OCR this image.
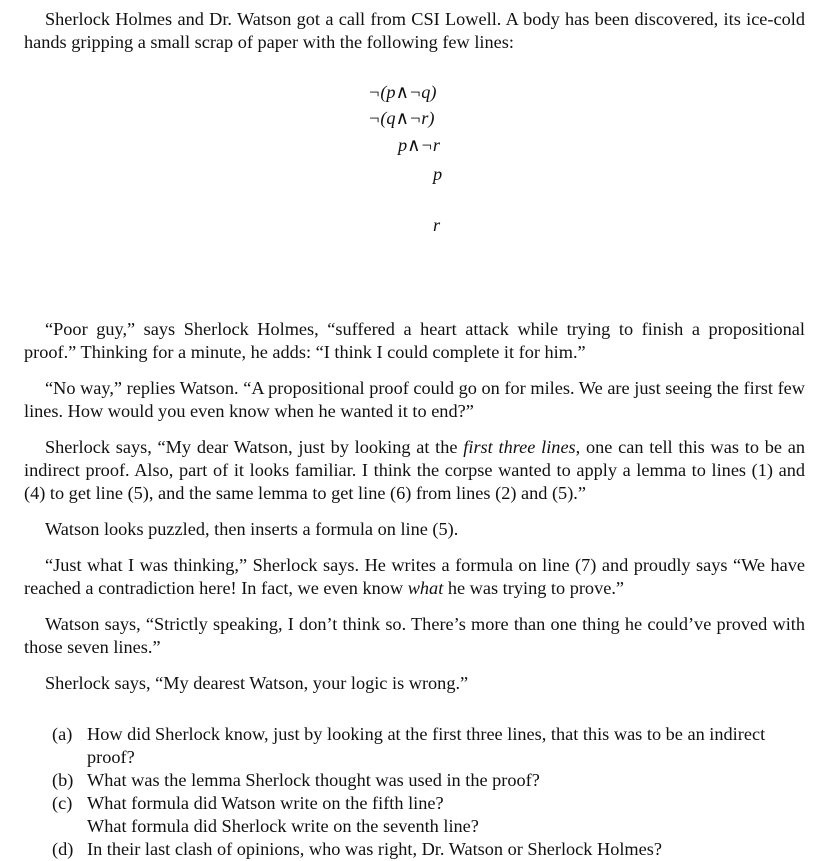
Sherlock Holmes and Dr. Watson got a call from CSI Lowell. A body has been discovered, its ice-cold hands gripping a small scrap of paper with the following few lines:

¬(p∧¬q)
¬(q∧¬r)
p∧¬r
p
r

“Poor guy,” says Sherlock Holmes, “suffered a heart attack while trying to finish a propositional proof.” Thinking for a minute, he adds: “I think I could complete it for him.”

“No way,” replies Watson. “A propositional proof could go on for miles. We are just seeing the first few lines. How would you even know when he wanted it to end?”

Sherlock says, “My dear Watson, just by looking at the first three lines, one can tell this was to be an indirect proof. Also, part of it looks familiar. I think the corpse wanted to apply a lemma to lines (1) and (4) to get line (5), and the same lemma to get line (6) from lines (2) and (5).”

Watson looks puzzled, then inserts a formula on line (5).

“Just what I was thinking,” Sherlock says. He writes a formula on line (7) and proudly says “We have reached a contradiction here! In fact, we even know what he was trying to prove.”

Watson says, “Strictly speaking, I don’t think so. There’s more than one thing he could’ve proved with those seven lines.”

Sherlock says, “My dearest Watson, your logic is wrong.”

(a) How did Sherlock know, just by looking at the first three lines, that this was to be an indirect proof?

(b) What was the lemma Sherlock thought was used in the proof?

(c) What formula did Watson write on the fifth line?

What formula did Sherlock write on the seventh line?

(d) In their last clash of opinions, who was right, Dr. Watson or Sherlock Holmes?
